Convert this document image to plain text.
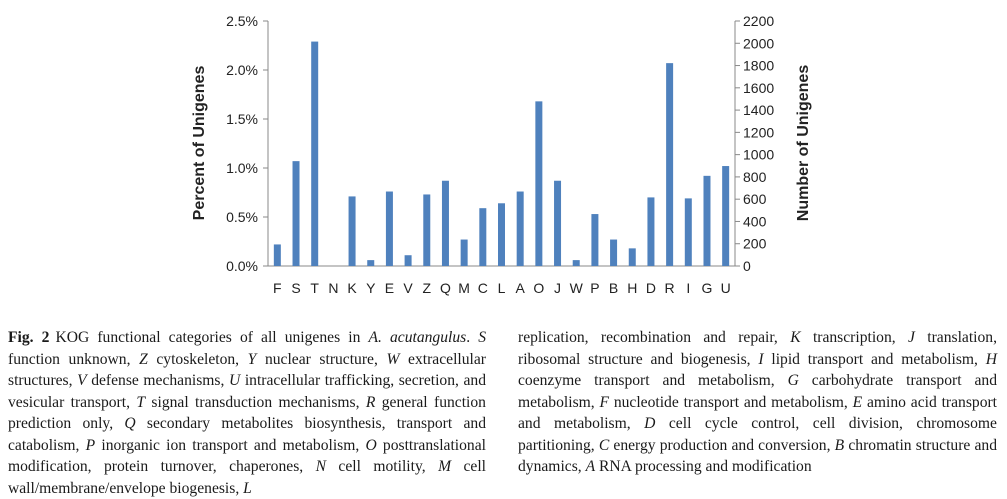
Percent of Unigenes	Number of Unigenes
0.0%
0.5%
1.0%
1.5%
2.0%
2.5%
0
200
400
600
800
1000
1200
1400
1600
1800
2000
2200
F S T N K Y E V Z Q M C L A O J W P B H D R I G U
Fig. 2 KOG functional categories of all unigenes in A. acutangulus. S function unknown, Z cytoskeleton, Y nuclear structure, W extracellular structures, V defense mechanisms, U intracellular trafficking, secretion, and vesicular transport, T signal transduction mechanisms, R general function prediction only, Q secondary metabolites biosynthesis, transport and catabolism, P inorganic ion transport and metabolism, O posttranslational modification, protein turnover, chaperones, N cell motility, M cell wall/membrane/envelope biogenesis, L
replication, recombination and repair, K transcription, J translation, ribosomal structure and biogenesis, I lipid transport and metabolism, H coenzyme transport and metabolism, G carbohydrate transport and metabolism, F nucleotide transport and metabolism, E amino acid transport and metabolism, D cell cycle control, cell division, chromosome partitioning, C energy production and conversion, B chromatin structure and dynamics, A RNA processing and modification
